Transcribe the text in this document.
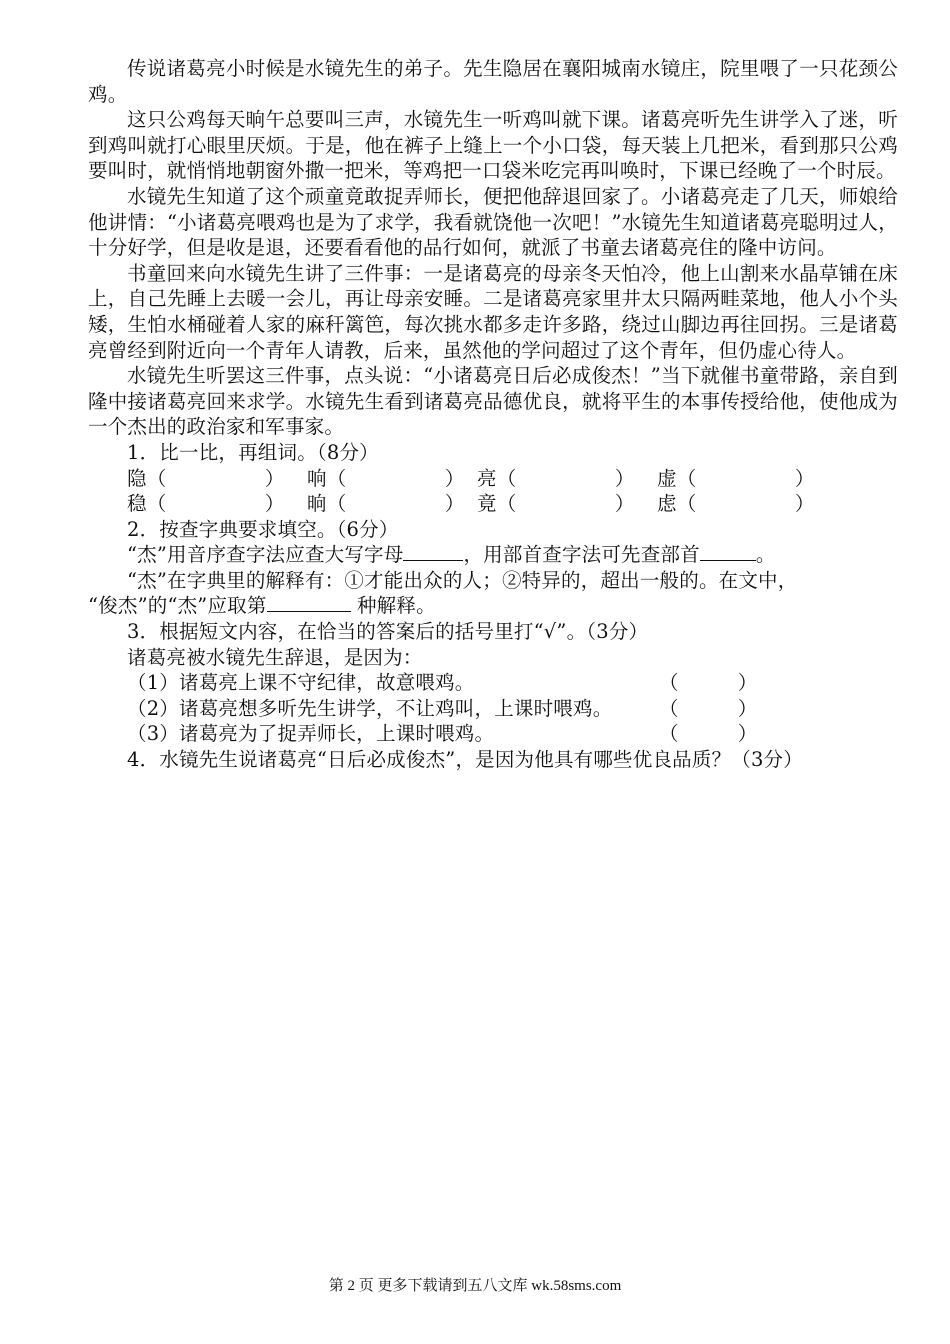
传说诸葛亮小时候是水镜先生的弟子。先生隐居在襄阳城南水镜庄，院里喂了一只花颈公鸡。

这只公鸡每天晌午总要叫三声，水镜先生一听鸡叫就下课。诸葛亮听先生讲学入了迷，听到鸡叫就打心眼里厌烦。于是，他在裤子上缝上一个小口袋，每天装上几把米，看到那只公鸡要叫时，就悄悄地朝窗外撒一把米，等鸡把一口袋米吃完再叫唤时，下课已经晚了一个时辰。

水镜先生知道了这个顽童竟敢捉弄师长，便把他辞退回家了。小诸葛亮走了几天，师娘给他讲情：“小诸葛亮喂鸡也是为了求学，我看就饶他一次吧！”水镜先生知道诸葛亮聪明过人，十分好学，但是收是退，还要看看他的品行如何，就派了书童去诸葛亮住的隆中访问。

书童回来向水镜先生讲了三件事：一是诸葛亮的母亲冬天怕冷，他上山割来水晶草铺在床上，自己先睡上去暖一会儿，再让母亲安睡。二是诸葛亮家里井太只隔两畦菜地，他人小个头矮，生怕水桶碰着人家的麻秆篱笆，每次挑水都多走许多路，绕过山脚边再往回拐。三是诸葛亮曾经到附近向一个青年人请教，后来，虽然他的学问超过了这个青年，但仍虚心待人。

水镜先生听罢这三件事，点头说：“小诸葛亮日后必成俊杰！”当下就催书童带路，亲自到隆中接诸葛亮回来求学。水镜先生看到诸葛亮品德优良，就将平生的本事传授给他，使他成为一个杰出的政治家和军事家。

1．比一比，再组词。（8分）

隐（　　　　　）	响（　　　　　） 亮（　　　　　）	虚（　　　　　）
稳（　　　　　）	晌（　　　　　） 竟（　　　　　）	虑（　　　　　）

2．按查字典要求填空。（6分）

“杰”用音序查字法应查大写字母	，用部首查字法可先查部首	。

“杰”在字典里的解释有：①才能出众的人；②特异的，超出一般的。在文中，

“俊杰”的“杰”应取第	种解释。

3．根据短文内容，在恰当的答案后的括号里打“√”。（3分）

诸葛亮被水镜先生辞退，是因为：

（1）诸葛亮上课不守纪律，故意喂鸡。	（　　　）
（2）诸葛亮想多听先生讲学，不让鸡叫，上课时喂鸡。	（　　　）
（3）诸葛亮为了捉弄师长，上课时喂鸡。	（　　　）

4．水镜先生说诸葛亮“日后必成俊杰”，是因为他具有哪些优良品质？（3分）

第 2 页 更多下载请到五八文库 wk.58sms.com
